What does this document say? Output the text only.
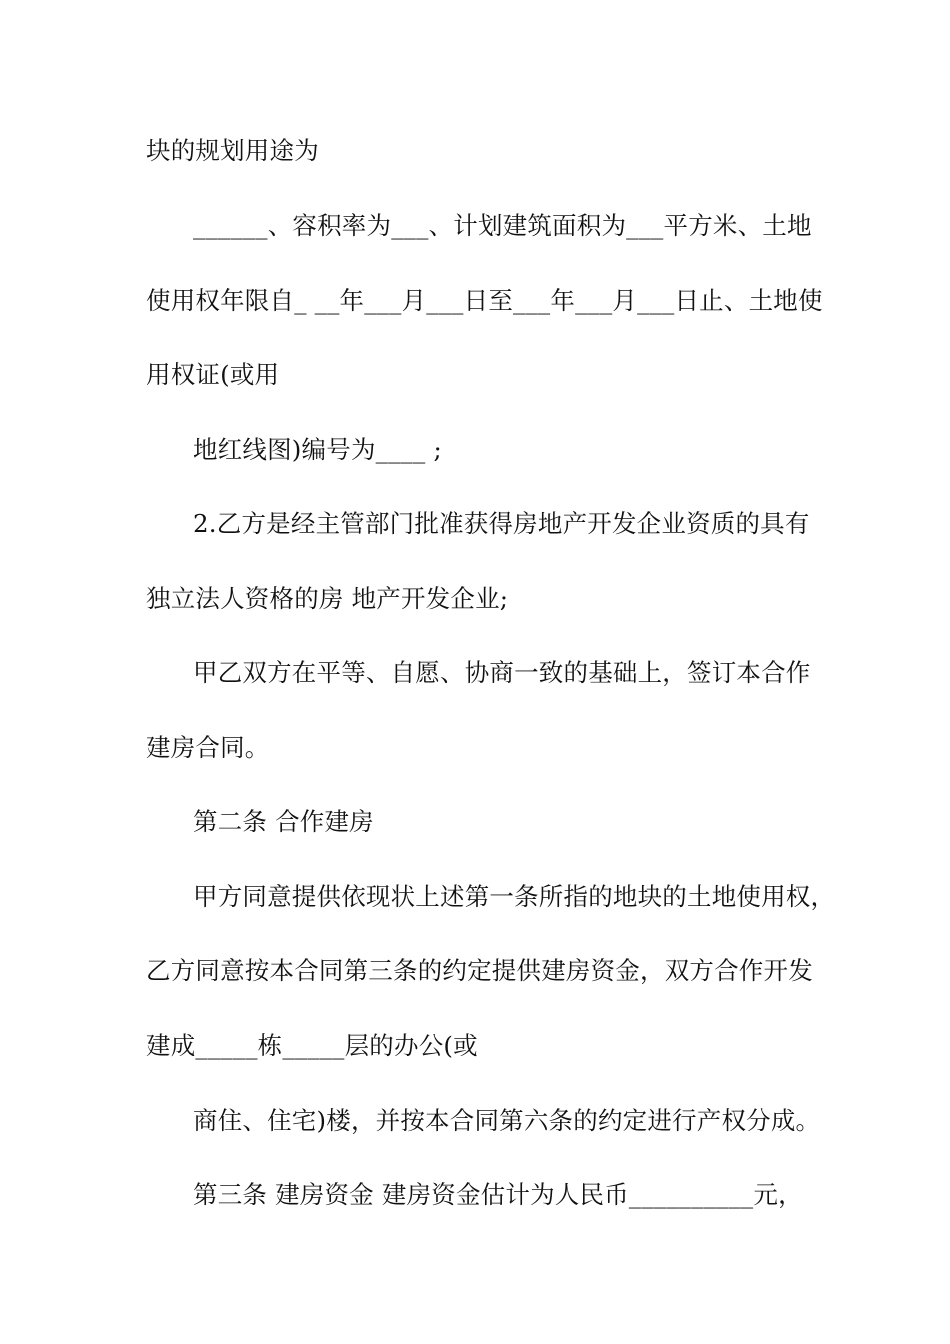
块的规划用途为
______、容积率为___、计划建筑面积为___平方米、土地
使用权年限自_ __年___月___日至___年___月___日止、土地使
用权证(或用
地红线图)编号为____ ;
2.乙方是经主管部门批准获得房地产开发企业资质的具有
独立法人资格的房 地产开发企业;
甲乙双方在平等、自愿、协商一致的基础上，签订本合作
建房合同。
第二条 合作建房
甲方同意提供依现状上述第一条所指的地块的土地使用权，
乙方同意按本合同第三条的约定提供建房资金，双方合作开发
建成_____栋_____层的办公(或
商住、住宅)楼，并按本合同第六条的约定进行产权分成。
第三条 建房资金 建房资金估计为人民币__________元，
